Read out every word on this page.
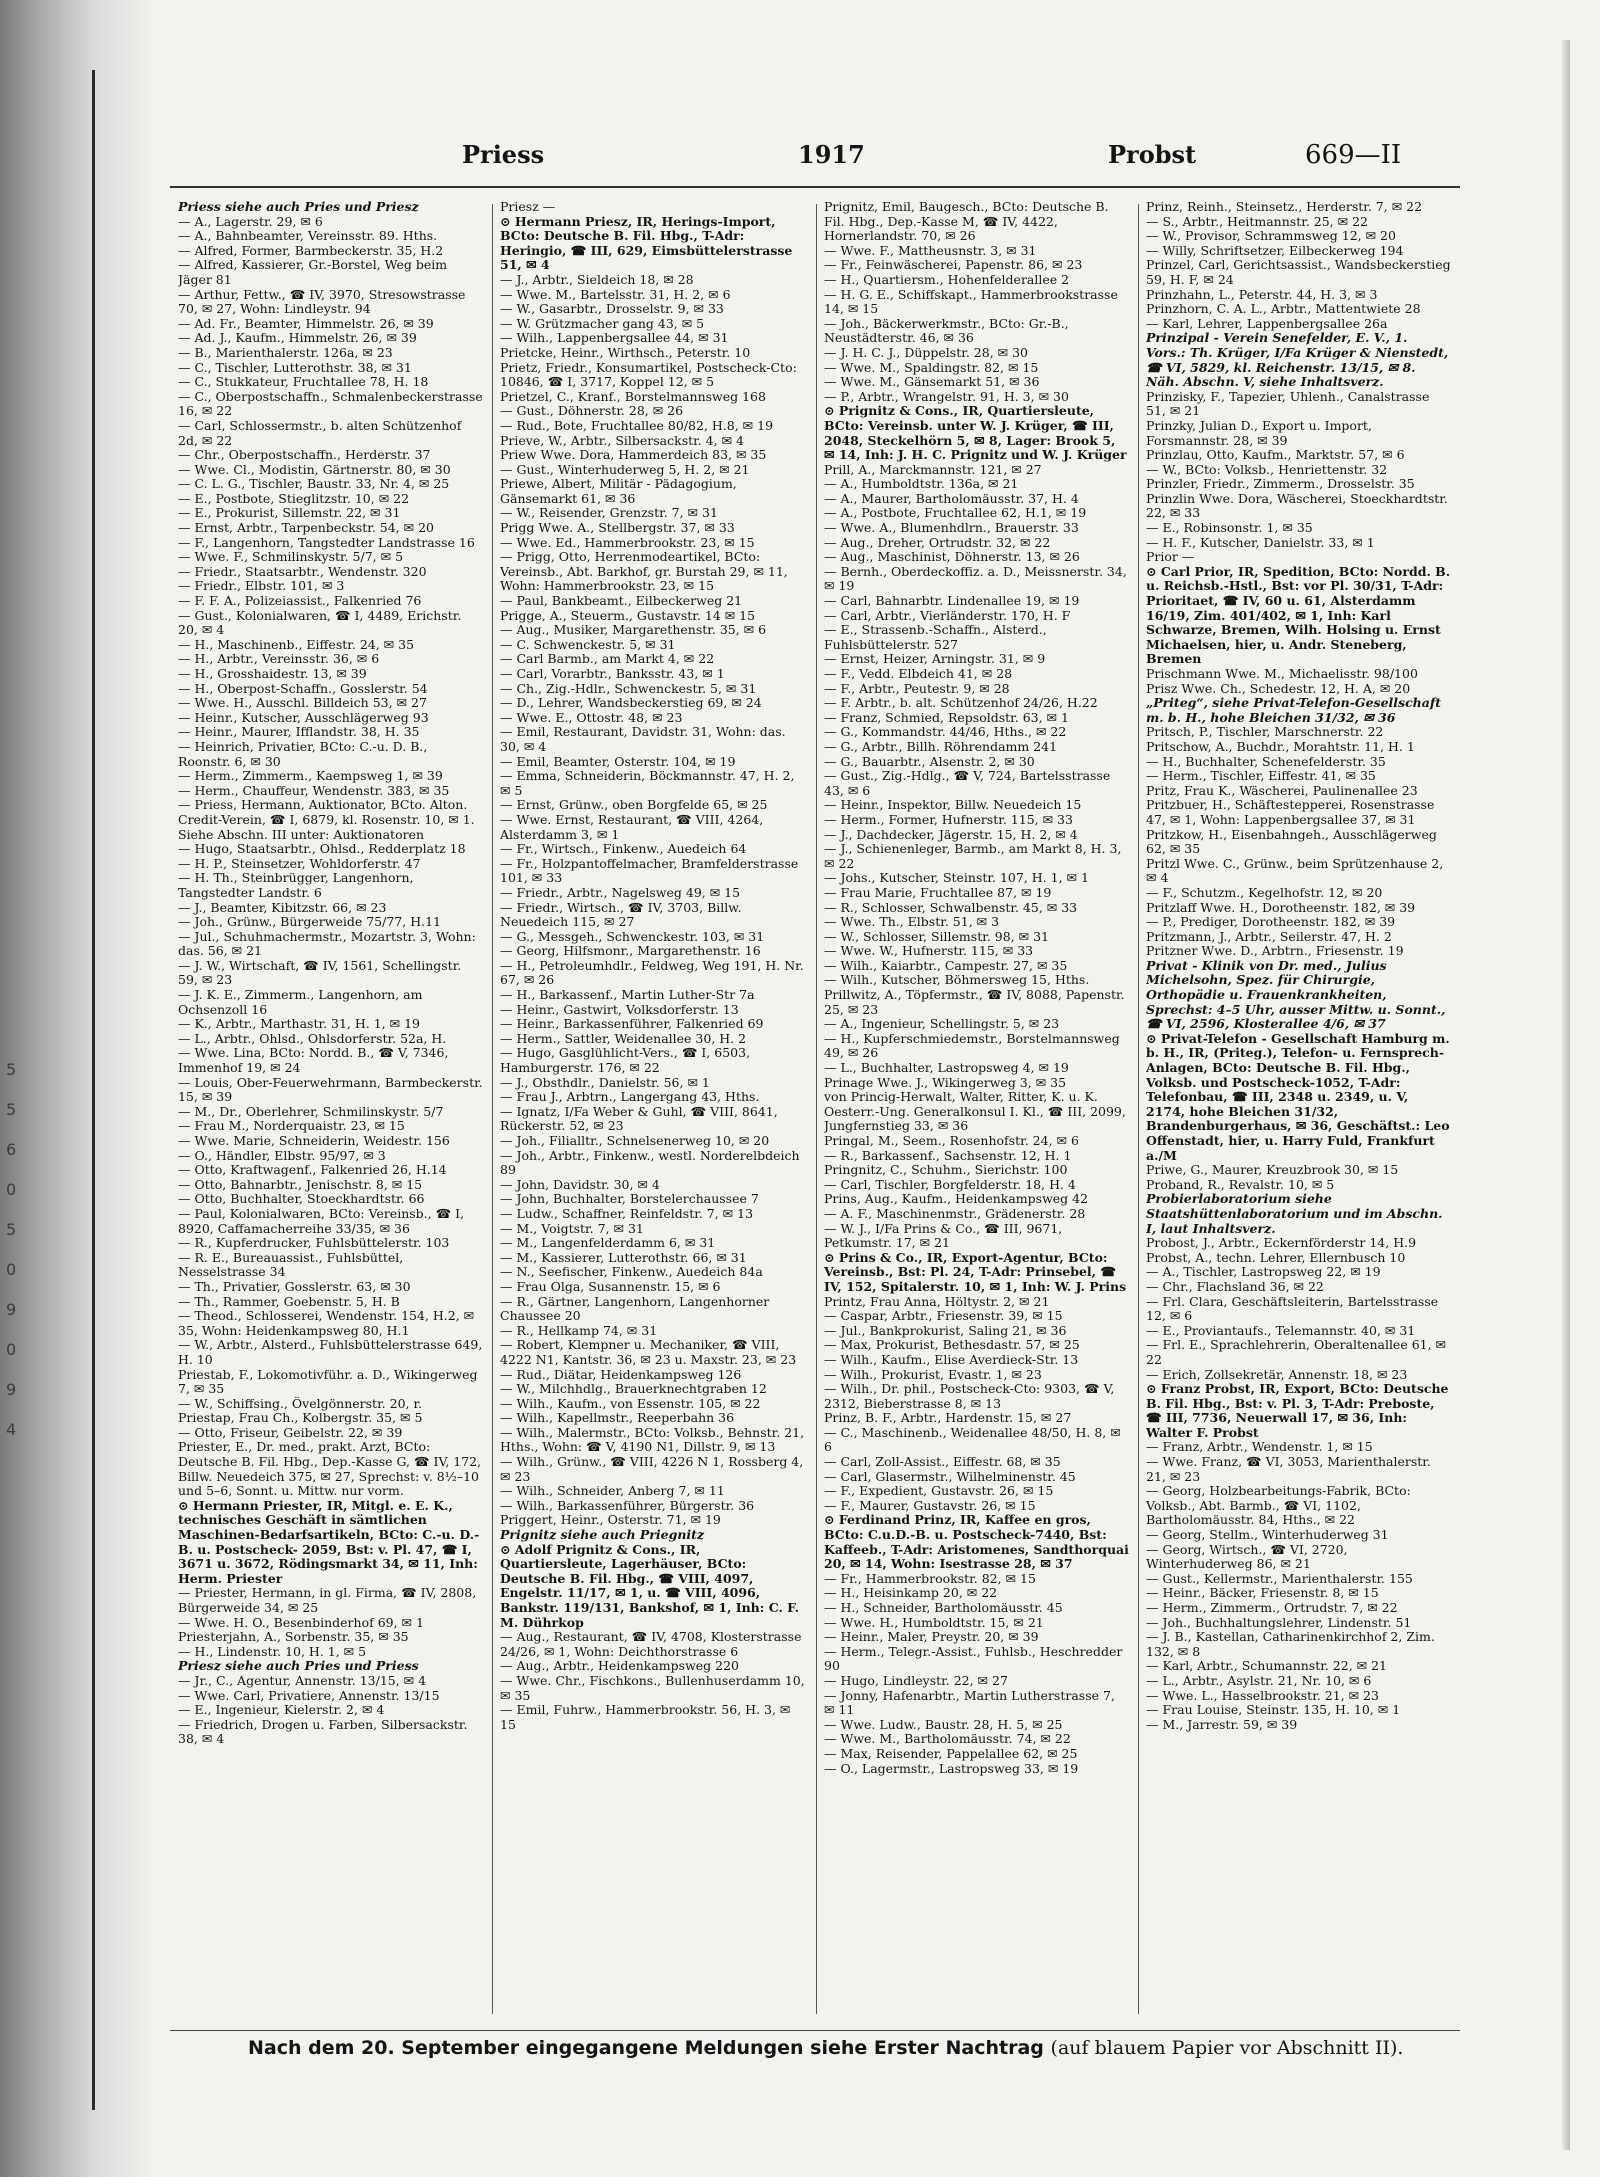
5
5
6
0
5
0
9
0
9
4
Priess	1917	Probst	669—II
Priess siehe auch Pries und Priesz
— A., Lagerstr. 29, ✉ 6
— A., Bahnbeamter, Vereinsstr. 89. Hths.
— Alfred, Former, Barmbeckerstr. 35, H.2
— Alfred, Kassierer, Gr.-Borstel, Weg beim Jäger 81
— Arthur, Fettw., ☎ IV, 3970, Stresowstrasse 70, ✉ 27, Wohn: Lindleystr. 94
— Ad. Fr., Beamter, Himmelstr. 26, ✉ 39
— Ad. J., Kaufm., Himmelstr. 26, ✉ 39
— B., Marienthalerstr. 126a, ✉ 23
— C., Tischler, Lutterothstr. 38, ✉ 31
— C., Stukkateur, Fruchtallee 78, H. 18
— C., Oberpostschaffn., Schmalenbeckerstrasse 16, ✉ 22
— Carl, Schlossermstr., b. alten Schützenhof 2d, ✉ 22
— Chr., Oberpostschaffn., Herderstr. 37
— Wwe. Cl., Modistin, Gärtnerstr. 80, ✉ 30
— C. L. G., Tischler, Baustr. 33, Nr. 4, ✉ 25
— E., Postbote, Stieglitzstr. 10, ✉ 22
— E., Prokurist, Sillemstr. 22, ✉ 31
— Ernst, Arbtr., Tarpenbeckstr. 54, ✉ 20
— F., Langenhorn, Tangstedter Landstrasse 16
— Wwe. F., Schmilinskystr. 5/7, ✉ 5
— Friedr., Staatsarbtr., Wendenstr. 320
— Friedr., Elbstr. 101, ✉ 3
— F. F. A., Polizeiassist., Falkenried 76
— Gust., Kolonialwaren, ☎ I, 4489, Erichstr. 20, ✉ 4
— H., Maschinenb., Eiffestr. 24, ✉ 35
— H., Arbtr., Vereinsstr. 36, ✉ 6
— H., Grosshaidestr. 13, ✉ 39
— H., Oberpost-Schaffn., Gosslerstr. 54
— Wwe. H., Ausschl. Billdeich 53, ✉ 27
— Heinr., Kutscher, Ausschlägerweg 93
— Heinr., Maurer, Ifflandstr. 38, H. 35
— Heinrich, Privatier, BCto: C.-u. D. B., Roonstr. 6, ✉ 30
— Herm., Zimmerm., Kaempsweg 1, ✉ 39
— Herm., Chauffeur, Wendenstr. 383, ✉ 35
— Priess, Hermann, Auktionator, BCto. Alton. Credit-Verein, ☎ I, 6879, kl. Rosenstr. 10, ✉ 1. Siehe Abschn. III unter: Auktionatoren
— Hugo, Staatsarbtr., Ohlsd., Redderplatz 18
— H. P., Steinsetzer, Wohldorferstr. 47
— H. Th., Steinbrügger, Langenhorn, Tangstedter Landstr. 6
— J., Beamter, Kibitzstr. 66, ✉ 23
— Joh., Grünw., Bürgerweide 75/77, H.11
— Jul., Schuhmachermstr., Mozartstr. 3, Wohn: das. 56, ✉ 21
— J. W., Wirtschaft, ☎ IV, 1561, Schellingstr. 59, ✉ 23
— J. K. E., Zimmerm., Langenhorn, am Ochsenzoll 16
— K., Arbtr., Marthastr. 31, H. 1, ✉ 19
— L., Arbtr., Ohlsd., Ohlsdorferstr. 52a, H.
— Wwe. Lina, BCto: Nordd. B., ☎ V, 7346, Immenhof 19, ✉ 24
— Louis, Ober-Feuerwehrmann, Barmbeckerstr. 15, ✉ 39
— M., Dr., Oberlehrer, Schmilinskystr. 5/7
— Frau M., Norderquaistr. 23, ✉ 15
— Wwe. Marie, Schneiderin, Weidestr. 156
— O., Händler, Elbstr. 95/97, ✉ 3
— Otto, Kraftwagenf., Falkenried 26, H.14
— Otto, Bahnarbtr., Jenischstr. 8, ✉ 15
— Otto, Buchhalter, Stoeckhardtstr. 66
— Paul, Kolonialwaren, BCto: Vereinsb., ☎ I, 8920, Caffamacherreihe 33/35, ✉ 36
— R., Kupferdrucker, Fuhlsbüttelerstr. 103
— R. E., Bureauassist., Fuhlsbüttel, Nesselstrasse 34
— Th., Privatier, Gosslerstr. 63, ✉ 30
— Th., Rammer, Goebenstr. 5, H. B
— Theod., Schlosserei, Wendenstr. 154, H.2, ✉ 35, Wohn: Heidenkampsweg 80, H.1
— W., Arbtr., Alsterd., Fuhlsbüttelerstrasse 649, H. 10
Priestab, F., Lokomotivführ. a. D., Wikingerweg 7, ✉ 35
— W., Schiffsing., Övelgönnerstr. 20, r.
Priestap, Frau Ch., Kolbergstr. 35, ✉ 5
— Otto, Friseur, Geibelstr. 22, ✉ 39
Priester, E., Dr. med., prakt. Arzt, BCto: Deutsche B. Fil. Hbg., Dep.-Kasse G, ☎ IV, 172, Billw. Neuedeich 375, ✉ 27, Sprechst: v. 8½–10 und 5–6, Sonnt. u. Mittw. nur vorm.
⊙ Hermann Priester, IR, Mitgl. e. E. K., technisches Geschäft in sämtlichen Maschinen-Bedarfsartikeln, BCto: C.-u. D.-B. u. Postscheck- 2059, Bst: v. Pl. 47, ☎ I, 3671 u. 3672, Rödingsmarkt 34, ✉ 11, Inh: Herm. Priester
— Priester, Hermann, in gl. Firma, ☎ IV, 2808, Bürgerweide 34, ✉ 25
— Wwe. H. O., Besenbinderhof 69, ✉ 1
Priesterjahn, A., Sorbenstr. 35, ✉ 35
— H., Lindenstr. 10, H. 1, ✉ 5
Priesz siehe auch Pries und Priess
— Jr., C., Agentur, Annenstr. 13/15, ✉ 4
— Wwe. Carl, Privatiere, Annenstr. 13/15
— E., Ingenieur, Kielerstr. 2, ✉ 4
— Friedrich, Drogen u. Farben, Silbersackstr. 38, ✉ 4
Priesz —
⊙ Hermann Priesz, IR, Herings-Import, BCto: Deutsche B. Fil. Hbg., T-Adr: Heringio, ☎ III, 629, Eimsbüttelerstrasse 51, ✉ 4
— J., Arbtr., Sieldeich 18, ✉ 28
— Wwe. M., Bartelsstr. 31, H. 2, ✉ 6
— W., Gasarbtr., Drosselstr. 9, ✉ 33
— W. Grützmacher gang 43, ✉ 5
— Wilh., Lappenbergsallee 44, ✉ 31
Prietcke, Heinr., Wirthsch., Peterstr. 10
Prietz, Friedr., Konsumartikel, Postscheck-Cto: 10846, ☎ I, 3717, Koppel 12, ✉ 5
Prietzel, C., Kranf., Borstelmannsweg 168
— Gust., Döhnerstr. 28, ✉ 26
— Rud., Bote, Fruchtallee 80/82, H.8, ✉ 19
Prieve, W., Arbtr., Silbersackstr. 4, ✉ 4
Priew Wwe. Dora, Hammerdeich 83, ✉ 35
— Gust., Winterhuderweg 5, H. 2, ✉ 21
Priewe, Albert, Militär - Pädagogium, Gänsemarkt 61, ✉ 36
— W., Reisender, Grenzstr. 7, ✉ 31
Prigg Wwe. A., Stellbergstr. 37, ✉ 33
— Wwe. Ed., Hammerbrookstr. 23, ✉ 15
— Prigg, Otto, Herrenmodeartikel, BCto: Vereinsb., Abt. Barkhof, gr. Burstah 29, ✉ 11, Wohn: Hammerbrookstr. 23, ✉ 15
— Paul, Bankbeamt., Eilbeckerweg 21
Prigge, A., Steuerm., Gustavstr. 14 ✉ 15
— Aug., Musiker, Margarethenstr. 35, ✉ 6
— C. Schwenckestr. 5, ✉ 31
— Carl Barmb., am Markt 4, ✉ 22
— Carl, Vorarbtr., Banksstr. 43, ✉ 1
— Ch., Zig.-Hdlr., Schwenckestr. 5, ✉ 31
— D., Lehrer, Wandsbeckerstieg 69, ✉ 24
— Wwe. E., Ottostr. 48, ✉ 23
— Emil, Restaurant, Davidstr. 31, Wohn: das. 30, ✉ 4
— Emil, Beamter, Osterstr. 104, ✉ 19
— Emma, Schneiderin, Böckmannstr. 47, H. 2, ✉ 5
— Ernst, Grünw., oben Borgfelde 65, ✉ 25
— Wwe. Ernst, Restaurant, ☎ VIII, 4264, Alsterdamm 3, ✉ 1
— Fr., Wirtsch., Finkenw., Auedeich 64
— Fr., Holzpantoffelmacher, Bramfelderstrasse 101, ✉ 33
— Friedr., Arbtr., Nagelsweg 49, ✉ 15
— Friedr., Wirtsch., ☎ IV, 3703, Billw. Neuedeich 115, ✉ 27
— G., Messgeh., Schwenckestr. 103, ✉ 31
— Georg, Hilfsmonr., Margarethenstr. 16
— H., Petroleumhdlr., Feldweg, Weg 191, H. Nr. 67, ✉ 26
— H., Barkassenf., Martin Luther-Str 7a
— Heinr., Gastwirt, Volksdorferstr. 13
— Heinr., Barkassenführer, Falkenried 69
— Herm., Sattler, Weidenallee 30, H. 2
— Hugo, Gasglühlicht-Vers., ☎ I, 6503, Hamburgerstr. 176, ✉ 22
— J., Obsthdlr., Danielstr. 56, ✉ 1
— Frau J., Arbtrn., Langergang 43, Hths.
— Ignatz, I/Fa Weber & Guhl, ☎ VIII, 8641, Rückerstr. 52, ✉ 23
— Joh., Filialltr., Schnelsenerweg 10, ✉ 20
— Joh., Arbtr., Finkenw., westl. Norderelbdeich 89
— John, Davidstr. 30, ✉ 4
— John, Buchhalter, Borstelerchaussee 7
— Ludw., Schaffner, Reinfeldstr. 7, ✉ 13
— M., Voigtstr. 7, ✉ 31
— M., Langenfelderdamm 6, ✉ 31
— M., Kassierer, Lutterothstr. 66, ✉ 31
— N., Seefischer, Finkenw., Auedeich 84a
— Frau Olga, Susannenstr. 15, ✉ 6
— R., Gärtner, Langenhorn, Langenhorner Chaussee 20
— R., Hellkamp 74, ✉ 31
— Robert, Klempner u. Mechaniker, ☎ VIII, 4222 N1, Kantstr. 36, ✉ 23 u. Maxstr. 23, ✉ 23
— Rud., Diätar, Heidenkampsweg 126
— W., Milchhdlg., Brauerknechtgraben 12
— Wilh., Kaufm., von Essenstr. 105, ✉ 22
— Wilh., Kapellmstr., Reeperbahn 36
— Wilh., Malermstr., BCto: Volksb., Behnstr. 21, Hths., Wohn: ☎ V, 4190 N1, Dillstr. 9, ✉ 13
— Wilh., Grünw., ☎ VIII, 4226 N 1, Rossberg 4, ✉ 23
— Wilh., Schneider, Anberg 7, ✉ 11
— Wilh., Barkassenführer, Bürgerstr. 36
Priggert, Heinr., Osterstr. 71, ✉ 19
Prignitz siehe auch Priegnitz
⊙ Adolf Prignitz & Cons., IR, Quartiersleute, Lagerhäuser, BCto: Deutsche B. Fil. Hbg., ☎ VIII, 4097, Engelstr. 11/17, ✉ 1, u. ☎ VIII, 4096, Bankstr. 119/131, Bankshof, ✉ 1, Inh: C. F. M. Dührkop
— Aug., Restaurant, ☎ IV, 4708, Klosterstrasse 24/26, ✉ 1, Wohn: Deichthorstrasse 6
— Aug., Arbtr., Heidenkampsweg 220
— Wwe. Chr., Fischkons., Bullenhuserdamm 10, ✉ 35
— Emil, Fuhrw., Hammerbrookstr. 56, H. 3, ✉ 15
Prignitz, Emil, Baugesch., BCto: Deutsche B. Fil. Hbg., Dep.-Kasse M, ☎ IV, 4422, Hornerlandstr. 70, ✉ 26
— Wwe. F., Mattheusnstr. 3, ✉ 31
— Fr., Feinwäscherei, Papenstr. 86, ✉ 23
— H., Quartiersm., Hohenfelderallee 2
— H. G. E., Schiffskapt., Hammerbrookstrasse 14, ✉ 15
— Joh., Bäckerwerkmstr., BCto: Gr.-B., Neustädterstr. 46, ✉ 36
— J. H. C. J., Düppelstr. 28, ✉ 30
— Wwe. M., Spaldingstr. 82, ✉ 15
— Wwe. M., Gänsemarkt 51, ✉ 36
— P., Arbtr., Wrangelstr. 91, H. 3, ✉ 30
⊙ Prignitz & Cons., IR, Quartiersleute, BCto: Vereinsb. unter W. J. Krüger, ☎ III, 2048, Steckelhörn 5, ✉ 8, Lager: Brook 5, ✉ 14, Inh: J. H. C. Prignitz und W. J. Krüger
Prill, A., Marckmannstr. 121, ✉ 27
— A., Humboldtstr. 136a, ✉ 21
— A., Maurer, Bartholomäusstr. 37, H. 4
— A., Postbote, Fruchtallee 62, H.1, ✉ 19
— Wwe. A., Blumenhdlrn., Brauerstr. 33
— Aug., Dreher, Ortrudstr. 32, ✉ 22
— Aug., Maschinist, Döhnerstr. 13, ✉ 26
— Bernh., Oberdeckoffiz. a. D., Meissnerstr. 34, ✉ 19
— Carl, Bahnarbtr. Lindenallee 19, ✉ 19
— Carl, Arbtr., Vierländerstr. 170, H. F
— E., Strassenb.-Schaffn., Alsterd., Fuhlsbüttelerstr. 527
— Ernst, Heizer, Arningstr. 31, ✉ 9
— F., Vedd. Elbdeich 41, ✉ 28
— F., Arbtr., Peutestr. 9, ✉ 28
— F. Arbtr., b. alt. Schützenhof 24/26, H.22
— Franz, Schmied, Repsoldstr. 63, ✉ 1
— G., Kommandstr. 44/46, Hths., ✉ 22
— G., Arbtr., Billh. Röhrendamm 241
— G., Bauarbtr., Alsenstr. 2, ✉ 30
— Gust., Zig.-Hdlg., ☎ V, 724, Bartelsstrasse 43, ✉ 6
— Heinr., Inspektor, Billw. Neuedeich 15
— Herm., Former, Hufnerstr. 115, ✉ 33
— J., Dachdecker, Jägerstr. 15, H. 2, ✉ 4
— J., Schienenleger, Barmb., am Markt 8, H. 3, ✉ 22
— Johs., Kutscher, Steinstr. 107, H. 1, ✉ 1
— Frau Marie, Fruchtallee 87, ✉ 19
— R., Schlosser, Schwalbenstr. 45, ✉ 33
— Wwe. Th., Elbstr. 51, ✉ 3
— W., Schlosser, Sillemstr. 98, ✉ 31
— Wwe. W., Hufnerstr. 115, ✉ 33
— Wilh., Kaiarbtr., Campestr. 27, ✉ 35
— Wilh., Kutscher, Böhmersweg 15, Hths.
Prillwitz, A., Töpfermstr., ☎ IV, 8088, Papenstr. 25, ✉ 23
— A., Ingenieur, Schellingstr. 5, ✉ 23
— H., Kupferschmiedemstr., Borstelmannsweg 49, ✉ 26
— L., Buchhalter, Lastropsweg 4, ✉ 19
Prinage Wwe. J., Wikingerweg 3, ✉ 35
von Princig-Herwalt, Walter, Ritter, K. u. K. Oesterr.-Ung. Generalkonsul I. Kl., ☎ III, 2099, Jungfernstieg 33, ✉ 36
Pringal, M., Seem., Rosenhofstr. 24, ✉ 6
— R., Barkassenf., Sachsenstr. 12, H. 1
Pringnitz, C., Schuhm., Sierichstr. 100
— Carl, Tischler, Borgfelderstr. 18, H. 4
Prins, Aug., Kaufm., Heidenkampsweg 42
— A. F., Maschinenmstr., Grädenerstr. 28
— W. J., I/Fa Prins & Co., ☎ III, 9671, Petkumstr. 17, ✉ 21
⊙ Prins & Co., IR, Export-Agentur, BCto: Vereinsb., Bst: Pl. 24, T-Adr: Prinsebel, ☎ IV, 152, Spitalerstr. 10, ✉ 1, Inh: W. J. Prins
Printz, Frau Anna, Höltystr. 2, ✉ 21
— Caspar, Arbtr., Friesenstr. 39, ✉ 15
— Jul., Bankprokurist, Saling 21, ✉ 36
— Max, Prokurist, Bethesdastr. 57, ✉ 25
— Wilh., Kaufm., Elise Averdieck-Str. 13
— Wilh., Prokurist, Evastr. 1, ✉ 23
— Wilh., Dr. phil., Postscheck-Cto: 9303, ☎ V, 2312, Bieberstrasse 8, ✉ 13
Prinz, B. F., Arbtr., Hardenstr. 15, ✉ 27
— C., Maschinenb., Weidenallee 48/50, H. 8, ✉ 6
— Carl, Zoll-Assist., Eiffestr. 68, ✉ 35
— Carl, Glasermstr., Wilhelminenstr. 45
— F., Expedient, Gustavstr. 26, ✉ 15
— F., Maurer, Gustavstr. 26, ✉ 15
⊙ Ferdinand Prinz, IR, Kaffee en gros, BCto: C.u.D.-B. u. Postscheck-7440, Bst: Kaffeeb., T-Adr: Aristomenes, Sandthorquai 20, ✉ 14, Wohn: Isestrasse 28, ✉ 37
— Fr., Hammerbrookstr. 82, ✉ 15
— H., Heisinkamp 20, ✉ 22
— H., Schneider, Bartholomäusstr. 45
— Wwe. H., Humboldtstr. 15, ✉ 21
— Heinr., Maler, Preystr. 20, ✉ 39
— Herm., Telegr.-Assist., Fuhlsb., Heschredder 90
— Hugo, Lindleystr. 22, ✉ 27
— Jonny, Hafenarbtr., Martin Lutherstrasse 7, ✉ 11
— Wwe. Ludw., Baustr. 28, H. 5, ✉ 25
— Wwe. M., Bartholomäusstr. 74, ✉ 22
— Max, Reisender, Pappelallee 62, ✉ 25
— O., Lagermstr., Lastropsweg 33, ✉ 19
Prinz, Reinh., Steinsetz., Herderstr. 7, ✉ 22
— S., Arbtr., Heitmannstr. 25, ✉ 22
— W., Provisor, Schrammsweg 12, ✉ 20
— Willy, Schriftsetzer, Eilbeckerweg 194
Prinzel, Carl, Gerichtsassist., Wandsbeckerstieg 59, H. F, ✉ 24
Prinzhahn, L., Peterstr. 44, H. 3, ✉ 3
Prinzhorn, C. A. L., Arbtr., Mattentwiete 28
— Karl, Lehrer, Lappenbergsallee 26a
Prinzipal - Verein Senefelder, E. V., 1. Vors.: Th. Krüger, I/Fa Krüger & Nienstedt, ☎ VI, 5829, kl. Reichenstr. 13/15, ✉ 8. Näh. Abschn. V, siehe Inhaltsverz.
Prinzisky, F., Tapezier, Uhlenh., Canalstrasse 51, ✉ 21
Prinzky, Julian D., Export u. Import, Forsmannstr. 28, ✉ 39
Prinzlau, Otto, Kaufm., Marktstr. 57, ✉ 6
— W., BCto: Volksb., Henriettenstr. 32
Prinzler, Friedr., Zimmerm., Drosselstr. 35
Prinzlin Wwe. Dora, Wäscherei, Stoeckhardtstr. 22, ✉ 33
— E., Robinsonstr. 1, ✉ 35
— H. F., Kutscher, Danielstr. 33, ✉ 1
Prior —
⊙ Carl Prior, IR, Spedition, BCto: Nordd. B. u. Reichsb.-Hstl., Bst: vor Pl. 30/31, T-Adr: Prioritaet, ☎ IV, 60 u. 61, Alsterdamm 16/19, Zim. 401/402, ✉ 1, Inh: Karl Schwarze, Bremen, Wilh. Holsing u. Ernst Michaelsen, hier, u. Andr. Steneberg, Bremen
Prischmann Wwe. M., Michaelisstr. 98/100
Prisz Wwe. Ch., Schedestr. 12, H. A, ✉ 20
„Priteg“, siehe Privat-Telefon-Gesellschaft m. b. H., hohe Bleichen 31/32, ✉ 36
Pritsch, P., Tischler, Marschnerstr. 22
Pritschow, A., Buchdr., Morahtstr. 11, H. 1
— H., Buchhalter, Schenefelderstr. 35
— Herm., Tischler, Eiffestr. 41, ✉ 35
Pritz, Frau K., Wäscherei, Paulinenallee 23
Pritzbuer, H., Schäftesteppereі, Rosenstrasse 47, ✉ 1, Wohn: Lappenbergsallee 37, ✉ 31
Pritzkow, H., Eisenbahngeh., Ausschlägerweg 62, ✉ 35
Pritzl Wwe. C., Grünw., beim Sprützenhause 2, ✉ 4
— F., Schutzm., Kegelhofstr. 12, ✉ 20
Pritzlaff Wwe. H., Dorotheenstr. 182, ✉ 39
— P., Prediger, Dorotheenstr. 182, ✉ 39
Pritzmann, J., Arbtr., Seilerstr. 47, H. 2
Pritzner Wwe. D., Arbtrn., Friesenstr. 19
Privat - Klinik von Dr. med., Julius Michelsohn, Spez. für Chirurgie, Orthopädie u. Frauenkrankheiten, Sprechst: 4–5 Uhr, ausser Mittw. u. Sonnt., ☎ VI, 2596, Klosterallee 4/6, ✉ 37
⊙ Privat-Telefon - Gesellschaft Hamburg m. b. H., IR, (Priteg.), Telefon- u. Fernsprech-Anlagen, BCto: Deutsche B. Fil. Hbg., Volksb. und Postscheck-1052, T-Adr: Telefonbau, ☎ III, 2348 u. 2349, u. V, 2174, hohe Bleichen 31/32, Brandenburgerhaus, ✉ 36, Geschäftst.: Leo Offenstadt, hier, u. Harry Fuld, Frankfurt a./M
Priwe, G., Maurer, Kreuzbrook 30, ✉ 15
Proband, R., Revalstr. 10, ✉ 5
Probierlaboratorium siehe Staatshüttenlaboratorium und im Abschn. I, laut Inhaltsverz.
Probost, J., Arbtr., Eckernförderstr 14, H.9
Probst, A., techn. Lehrer, Ellernbusch 10
— A., Tischler, Lastropsweg 22, ✉ 19
— Chr., Flachsland 36, ✉ 22
— Frl. Clara, Geschäftsleiterin, Bartelsstrasse 12, ✉ 6
— E., Proviantaufs., Telemannstr. 40, ✉ 31
— Frl. E., Sprachlehrerin, Oberaltenallee 61, ✉ 22
— Erich, Zollsekretär, Annenstr. 18, ✉ 23
⊙ Franz Probst, IR, Export, BCto: Deutsche B. Fil. Hbg., Bst: v. Pl. 3, T-Adr: Preboste, ☎ III, 7736, Neuerwall 17, ✉ 36, Inh: Walter F. Probst
— Franz, Arbtr., Wendenstr. 1, ✉ 15
— Wwe. Franz, ☎ VI, 3053, Marienthalerstr. 21, ✉ 23
— Georg, Holzbearbeitungs-Fabrik, BCto: Volksb., Abt. Barmb., ☎ VI, 1102, Bartholomäusstr. 84, Hths., ✉ 22
— Georg, Stellm., Winterhuderweg 31
— Georg, Wirtsch., ☎ VI, 2720, Winterhuderweg 86, ✉ 21
— Gust., Kellermstr., Marienthalerstr. 155
— Heinr., Bäcker, Friesenstr. 8, ✉ 15
— Herm., Zimmerm., Ortrudstr. 7, ✉ 22
— Joh., Buchhaltungslehrer, Lindenstr. 51
— J. B., Kastellan, Catharinenkirchhof 2, Zim. 132, ✉ 8
— Karl, Arbtr., Schumannstr. 22, ✉ 21
— L., Arbtr., Asylstr. 21, Nr. 10, ✉ 6
— Wwe. L., Hasselbrookstr. 21, ✉ 23
— Frau Louise, Steinstr. 135, H. 10, ✉ 1
— M., Jarrestr. 59, ✉ 39
Nach dem 20. September eingegangene Meldungen siehe Erster Nachtrag (auf blauem Papier vor Abschnitt II).
